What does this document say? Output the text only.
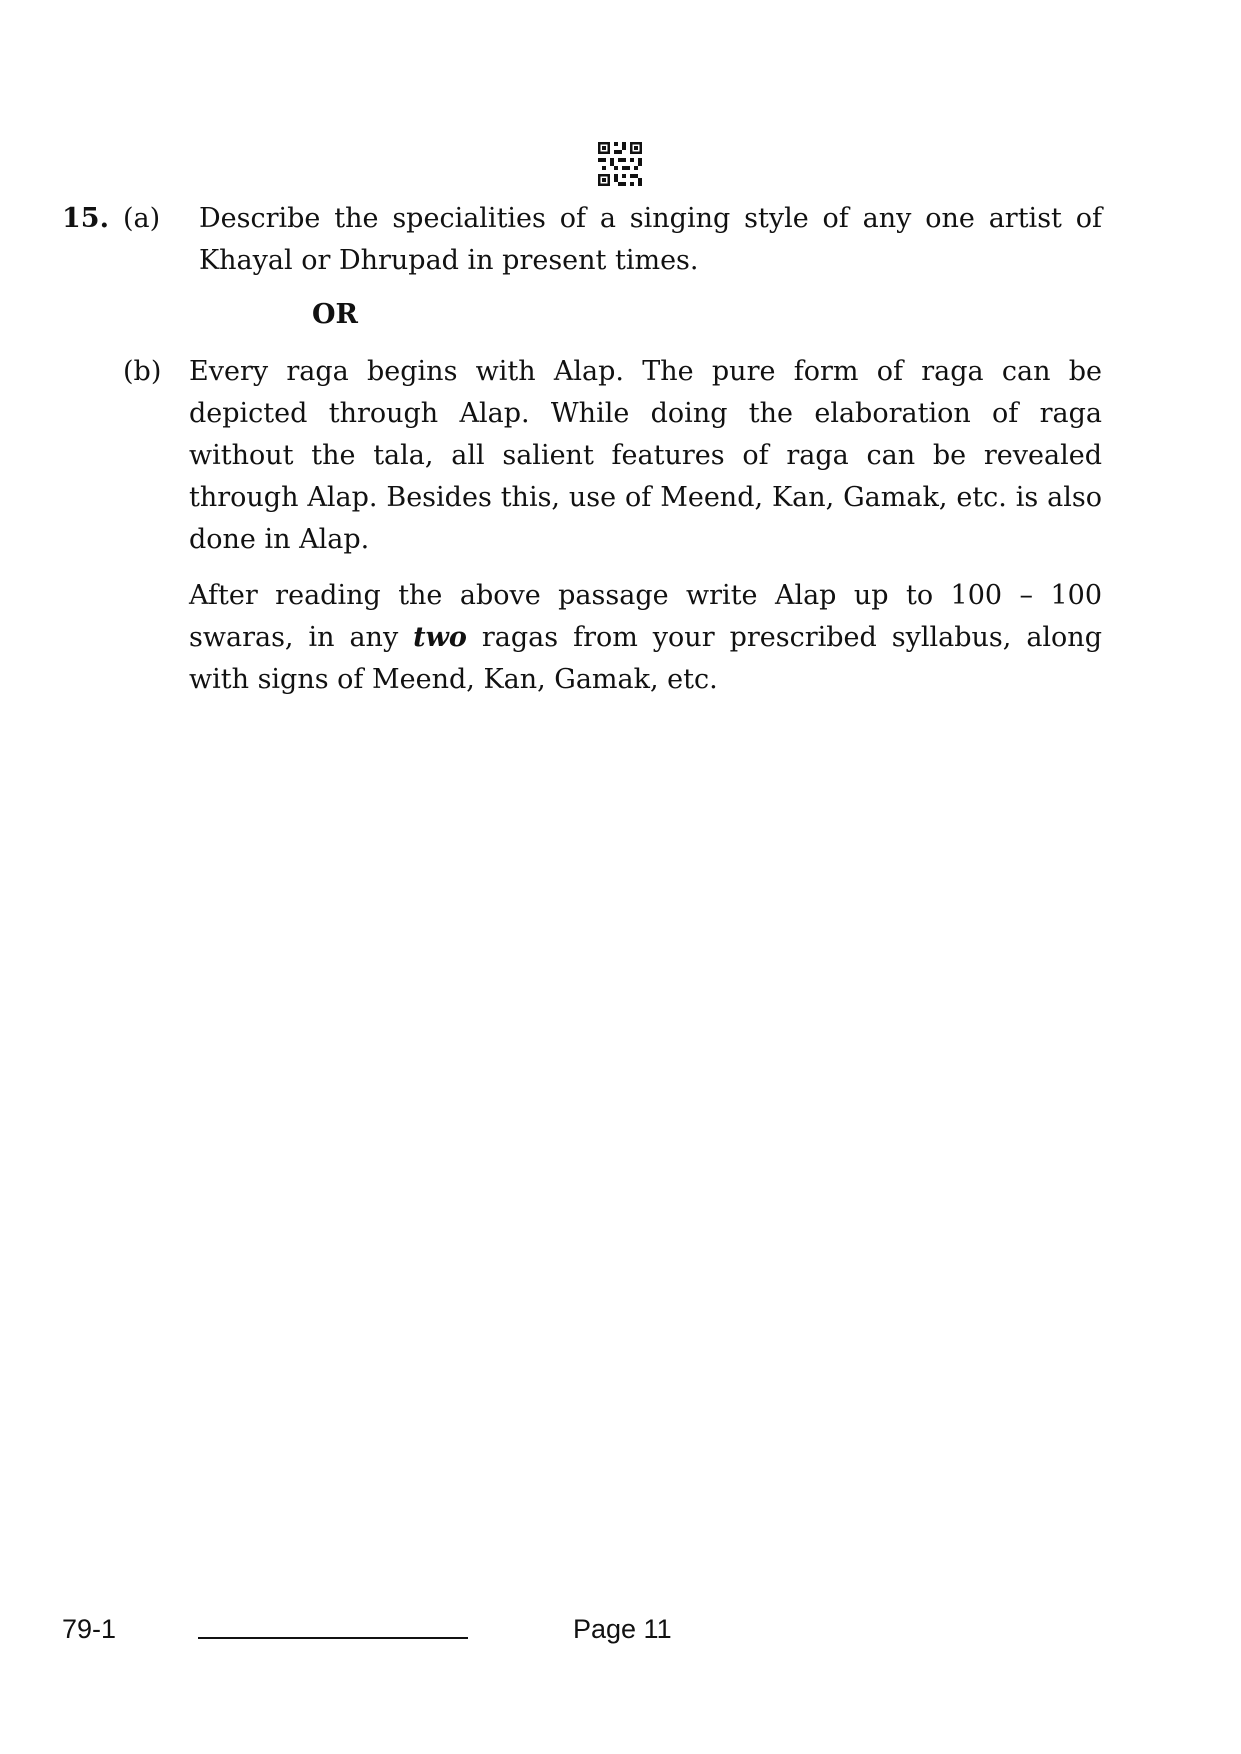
15. (a) Describe the specialities of a singing style of any one artist of Khayal or Dhrupad in present times.
OR
(b) Every raga begins with Alap. The pure form of raga can be depicted through Alap. While doing the elaboration of raga without the tala, all salient features of raga can be revealed through Alap. Besides this, use of Meend, Kan, Gamak, etc. is also done in Alap.

After reading the above passage write Alap up to 100 – 100 swaras, in any two ragas from your prescribed syllabus, along with signs of Meend, Kan, Gamak, etc.

79-1	Page 11
